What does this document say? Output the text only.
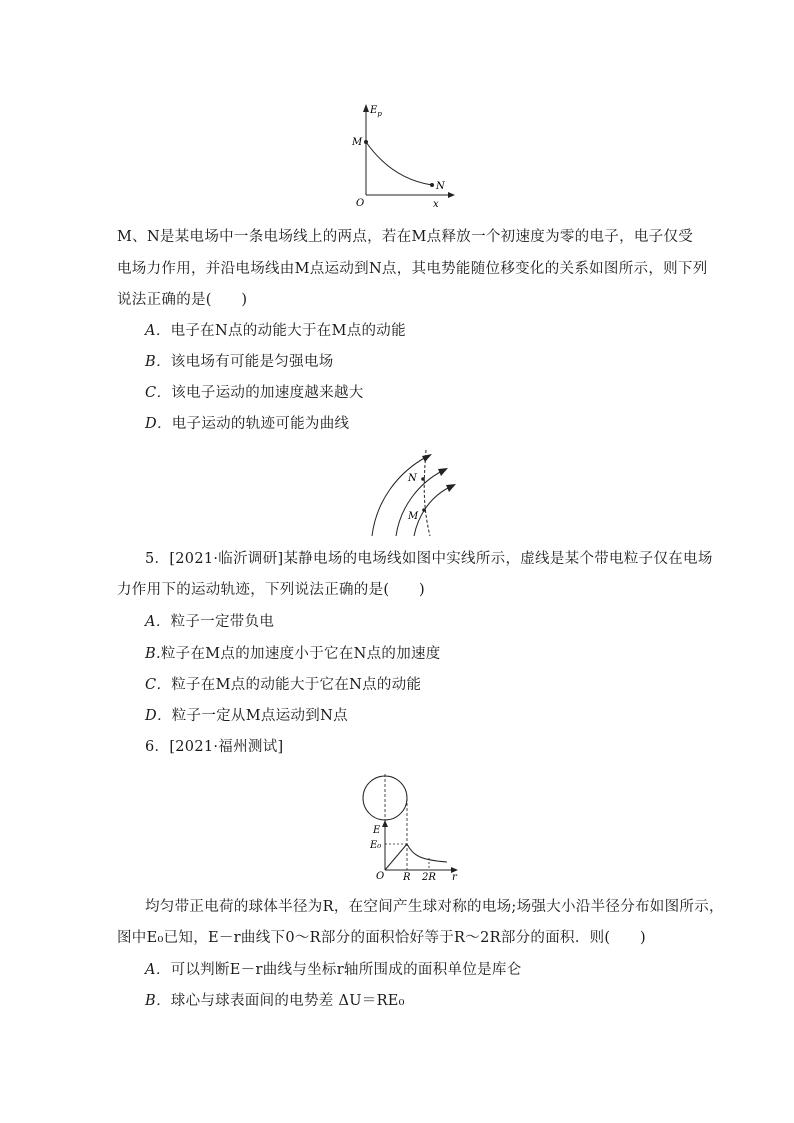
$E_p$
O	x
M
N
M、N是某电场中一条电场线上的两点，若在M点释放一个初速度为零的电子，电子仅受
电场力作用，并沿电场线由M点运动到N点，其电势能随位移变化的关系如图所示，则下列
说法正确的是(　　)
A．电子在N点的动能大于在M点的动能
B．该电场有可能是匀强电场
C．该电子运动的加速度越来越大
D．电子运动的轨迹可能为曲线
N
M
5．[2021·临沂调研]某静电场的电场线如图中实线所示，虚线是某个带电粒子仅在电场
力作用下的运动轨迹，下列说法正确的是(　　)
A．粒子一定带负电
B.粒子在M点的加速度小于它在N点的加速度
C．粒子在M点的动能大于它在N点的动能
D．粒子一定从M点运动到N点
6．[2021·福州测试]
E
E₀
O R 2R r
均匀带正电荷的球体半径为R，在空间产生球对称的电场;场强大小沿半径分布如图所示，
图中E₀已知，E－r曲线下0～R部分的面积恰好等于R～2R部分的面积．则(　　)
A．可以判断E－r曲线与坐标r轴所围成的面积单位是库仑
B．球心与球表面间的电势差 ΔU＝RE₀
